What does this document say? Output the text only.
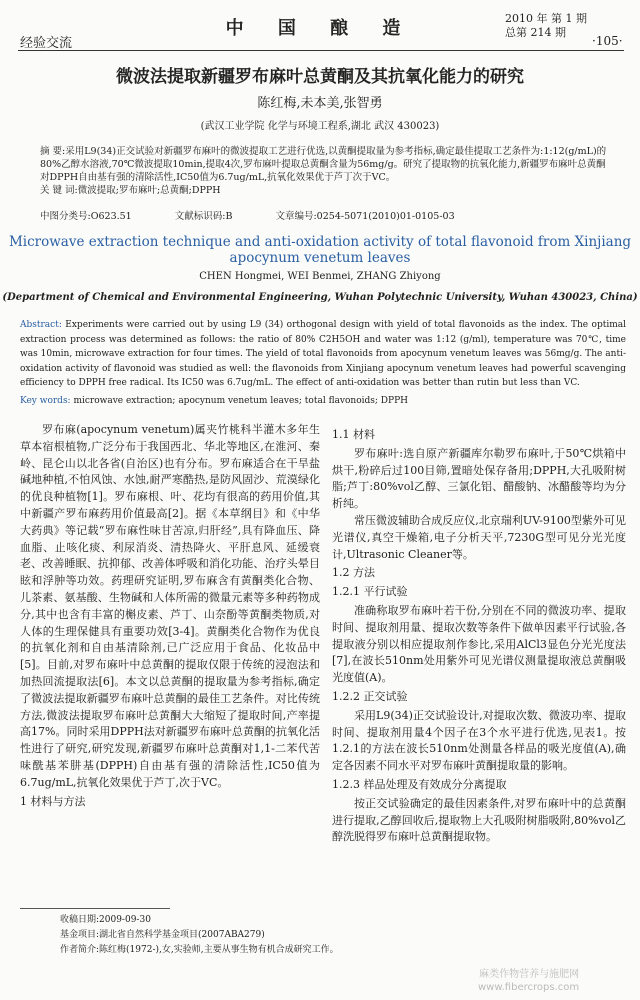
经验交流
中 国 酿 造	2010 年 第 1 期
总第 214 期
·105·
微波法提取新疆罗布麻叶总黄酮及其抗氧化能力的研究
陈红梅,未本美,张智勇
(武汉工业学院 化学与环境工程系,湖北 武汉 430023)
摘 要:采用L9(34)正交试验对新疆罗布麻叶的微波提取工艺进行优选,以黄酮提取量为参考指标,确定最佳提取工艺条件为:1:12(g/mL)的80%乙醇水溶液,70℃微波提取10min,提取4次,罗布麻叶提取总黄酮含量为56mg/g。研究了提取物的抗氧化能力,新疆罗布麻叶总黄酮对DPPH自由基有强的清除活性,IC50值为6.7ug/mL,抗氧化效果优于芦丁次于VC。
关 键 词:微波提取;罗布麻叶;总黄酮;DPPH
中图分类号:O623.51	文献标识码:B	文章编号:0254-5071(2010)01-0105-03
Microwave extraction technique and anti-oxidation activity of total flavonoid from Xinjiang apocynum venetum leaves
CHEN Hongmei, WEI Benmei, ZHANG Zhiyong
(Department of Chemical and Environmental Engineering, Wuhan Polytechnic University, Wuhan 430023, China)
Abstract: Experiments were carried out by using L9 (34) orthogonal design with yield of total flavonoids as the index. The optimal extraction process was determined as follows: the ratio of 80% C2H5OH and water was 1:12 (g/ml), temperature was 70℃, time was 10min, microwave extraction for four times. The yield of total flavonoids from apocynum venetum leaves was 56mg/g. The anti-oxidation activity of flavonoid was studied as well: the flavonoids from Xinjiang apocynum venetum leaves had powerful scavenging efficiency to DPPH free radical. Its IC50 was 6.7ug/mL. The effect of anti-oxidation was better than rutin but less than VC.
Key words: microwave extraction; apocynum venetum leaves; total flavonoids; DPPH

罗布麻(apocynum venetum)属夹竹桃科半灌木多年生草本宿根植物,广泛分布于我国西北、华北等地区,在淮河、秦岭、昆仑山以北各省(自治区)也有分布。罗布麻适合在干旱盐碱地种植,不怕风蚀、水蚀,耐严寒酷热,是防风固沙、荒漠绿化的优良种植物[1]。罗布麻根、叶、花均有很高的药用价值,其中新疆产罗布麻药用价值最高[2]。据《本草纲目》和《中华大药典》等记载“罗布麻性味甘苦凉,归肝经”,具有降血压、降血脂、止咳化痰、利尿消炎、清热降火、平肝息风、延缓衰老、改善睡眠、抗抑郁、改善体呼吸和消化功能、治疗头晕目眩和浮肿等功效。药理研究证明,罗布麻含有黄酮类化合物、儿茶素、氨基酸、生物碱和人体所需的微量元素等多种药物成分,其中也含有丰富的槲皮素、芦丁、山奈酚等黄酮类物质,对人体的生理保健具有重要功效[3-4]。黄酮类化合物作为优良的抗氧化剂和自由基清除剂,已广泛应用于食品、化妆品中[5]。目前,对罗布麻叶中总黄酮的提取仅限于传统的浸泡法和加热回流提取法[6]。本文以总黄酮的提取量为参考指标,确定了微波法提取新疆罗布麻叶总黄酮的最佳工艺条件。对比传统方法,微波法提取罗布麻叶总黄酮大大缩短了提取时间,产率提高17%。同时采用DPPH法对新疆罗布麻叶总黄酮的抗氧化活性进行了研究,研究发现,新疆罗布麻叶总黄酮对1,1-二苯代苦味酰基苯肼基(DPPH)自由基有强的清除活性,IC50值为6.7ug/mL,抗氧化效果优于芦丁,次于VC。

1 材料与方法
1.1 材料

罗布麻叶:选自原产新疆库尔勒罗布麻叶,于50℃烘箱中烘干,粉碎后过100目筛,置暗处保存备用;DPPH,大孔吸附树脂;芦丁:80%vol乙醇、三氯化铝、醋酸钠、冰醋酸等均为分析纯。

常压微波辅助合成反应仪,北京瑞利UV-9100型紫外可见光谱仪,真空干燥箱,电子分析天平,7230G型可见分光光度计,Ultrasonic Cleaner等。

1.2 方法
1.2.1 平行试验

准确称取罗布麻叶若干份,分别在不同的微波功率、提取时间、提取剂用量、提取次数等条件下做单因素平行试验,各提取液分别以相应提取剂作参比,采用AlCl3显色分光光度法[7],在波长510nm处用紫外可见光谱仪测量提取液总黄酮吸光度值(A)。

1.2.2 正交试验

采用L9(34)正交试验设计,对提取次数、微波功率、提取时间、提取剂用量4个因子在3个水平进行优选,见表1。按1.2.1的方法在波长510nm处测量各样品的吸光度值(A),确定各因素不同水平对罗布麻叶黄酮提取量的影响。

1.2.3 样品处理及有效成分分离提取

按正交试验确定的最佳因素条件,对罗布麻叶中的总黄酮进行提取,乙醇回收后,提取物上大孔吸附树脂吸附,80%vol乙醇洗脱得罗布麻叶总黄酮提取物。

收稿日期:2009-09-30
基金项目:湖北省自然科学基金项目(2007ABA279)
作者简介:陈红梅(1972-),女,实验师,主要从事生物有机合成研究工作。
麻类作物营养与施肥网
www.fibercrops.com
